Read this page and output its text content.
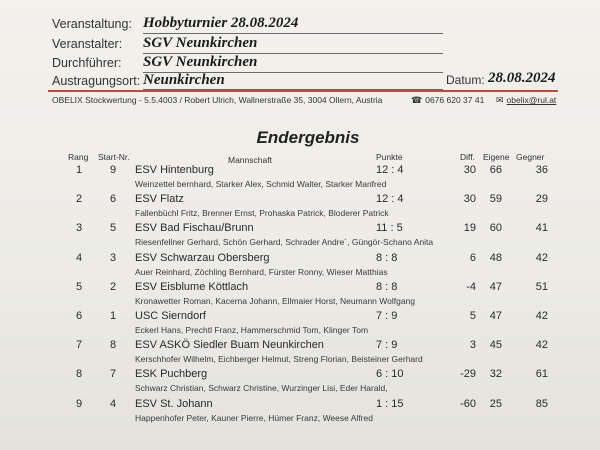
Veranstaltung: Hobbyturnier 28.08.2024
Veranstalter: SGV Neunkirchen
Durchführer: SGV Neunkirchen
Austragungsort: Neunkirchen	Datum: 28.08.2024
OBELIX Stockwertung - 5.5.4003 / Robert Ulrich, Wallnerstraße 35, 3004 Ollern, Austria	☎ 0676 620 37 41 ✉ obelix@rul.at
Endergebnis
Rang Start-Nr.	Mannschaft	Punkte	Diff. Eigene Gegner
1	9 ESV Hintenburg	12 : 4	30	66	36
Weinzettel bernhard, Starker Alex, Schmid Walter, Starker Manfred
2	6 ESV Flatz	12 : 4	30	59	29
Fallenbüchl Fritz, Brenner Ernst, Prohaska Patrick, Bloderer Patrick
3	5 ESV Bad Fischau/Brunn	11 : 5	19	60	41
Riesenfellner Gerhard, Schön Gerhard, Schrader Andre´, Güngör-Schano Anita
4	3 ESV Schwarzau Obersberg	8 : 8	6	48	42
Auer Reinhard, Zöchling Bernhard, Fürster Ronny, Wieser Matthias
5	2 ESV Eisblume Köttlach	8 : 8	-4	47	51
Kronawetter Roman, Kacerna Johann, Ellmaier Horst, Neumann Wolfgang
6	1 USC Sierndorf	7 : 9	5	47	42
Eckerl Hans, Prechtl Franz, Hammerschmid Tom, Klinger Tom
7	8 ESV ASKÖ Siedler Buam Neunkirchen	7 : 9	3	45	42
Kerschhofer Wilhelm, Eichberger Helmut, Streng Florian, Beisteiner Gerhard
8	7 ESK Puchberg	6 : 10	-29	32	61
Schwarz Christian, Schwarz Christine, Wurzinger Lisi, Eder Harald,
9	4 ESV St. Johann	1 : 15	-60	25	85
Happenhofer Peter, Kauner Pierre, Hümer Franz, Weese Alfred
